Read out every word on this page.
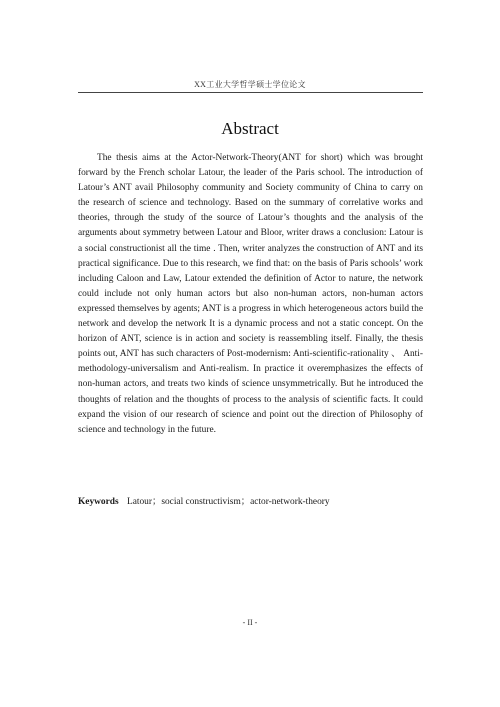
XX工业大学哲学硕士学位论文
Abstract

The thesis aims at the Actor-Network-Theory(ANT for short) which was brought forward by the French scholar Latour, the leader of the Paris school. The introduction of Latour’s ANT avail Philosophy community and Society community of China to carry on the research of science and technology. Based on the summary of correlative works and theories, through the study of the source of Latour’s thoughts and the analysis of the arguments about symmetry between Latour and Bloor, writer draws a conclusion: Latour is a social constructionist all the time . Then, writer analyzes the construction of ANT and its practical significance. Due to this research, we find that: on the basis of Paris schools’ work including Caloon and Law, Latour extended the definition of Actor to nature, the network could include not only human actors but also non-human actors, non-human actors expressed themselves by agents; ANT is a progress in which heterogeneous actors build the network and develop the network It is a dynamic process and not a static concept. On the horizon of ANT, science is in action and society is reassembling itself. Finally, the thesis points out, ANT has such characters of Post-modernism: Anti-scientific-rationality 、 Anti-methodology-universalism and Anti-realism. In practice it overemphasizes the effects of non-human actors, and treats two kinds of science unsymmetrically. But he introduced the thoughts of relation and the thoughts of process to the analysis of scientific facts. It could expand the vision of our research of science and point out the direction of Philosophy of science and technology in the future.

Keywords Latour；social constructivism；actor-network-theory
- II -
